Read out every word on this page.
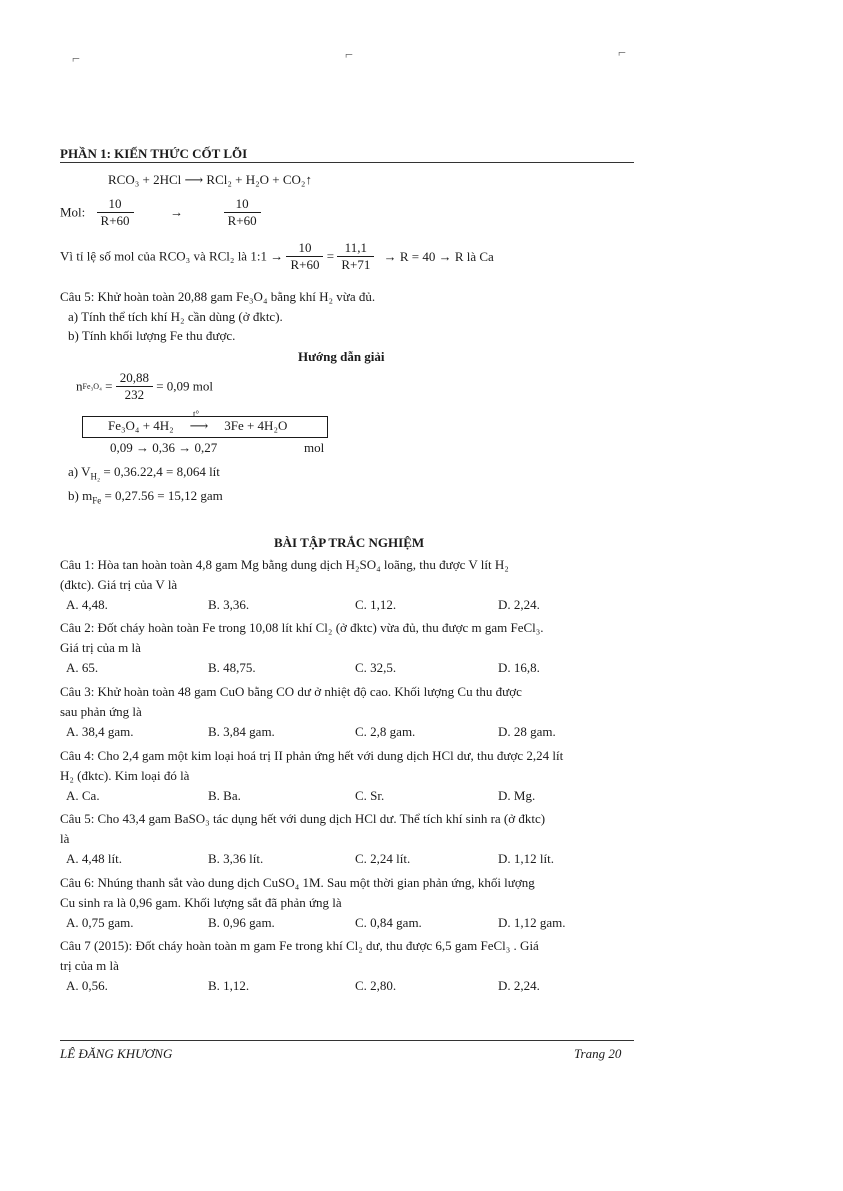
⌐	⌐	⌐
PHẦN 1: KIẾN THỨC CỐT LÕI
RCO₃ + 2HCl ⟶ RCl₂ + H₂O + CO₂↑
Mol: $\frac{10}{R+60}$	→	$\frac{10}{R+60}$
Vì tỉ lệ số mol của RCO₃ và RCl₂ là 1:1 → $\frac{10}{R+60} = \frac{11,1}{R+71} \to R = 40 \to R$ là Ca
Câu 5: Khử hoàn toàn 20,88 gam Fe₃O₄ bằng khí H₂ vừa đủ.
a) Tính thể tích khí H₂ cần dùng (ở đktc).
b) Tính khối lượng Fe thu được.
Hướng dẫn giải
$nFe_3O_4 = \frac{20,88}{232} = 0,09$ mol
Fe₃O₄ + 4H₂
t°
⟶ 3Fe + 4H₂O
0,09 → 0,36 → 0,27	mol
a) $V_{H_2} = 0,36.22,4 = 8,064$ lít
b) $m_{Fe} = 0,27.56 = 15,12$ gam
BÀI TẬP TRẮC NGHIỆM
Câu 1: Hòa tan hoàn toàn 4,8 gam Mg bằng dung dịch H₂SO₄ loãng, thu được V lít H₂
(đktc). Giá trị của V là
A. 4,48.	B. 3,36.	C. 1,12.	D. 2,24.
Câu 2: Đốt cháy hoàn toàn Fe trong 10,08 lít khí Cl₂ (ở đktc) vừa đủ, thu được m gam FeCl₃.
Giá trị của m là
A. 65.	B. 48,75.	C. 32,5.	D. 16,8.
Câu 3: Khử hoàn toàn 48 gam CuO bằng CO dư ở nhiệt độ cao. Khối lượng Cu thu được
sau phản ứng là
A. 38,4 gam.	B. 3,84 gam.	C. 2,8 gam.	D. 28 gam.
Câu 4: Cho 2,4 gam một kim loại hoá trị II phản ứng hết với dung dịch HCl dư, thu được 2,24 lít
H₂ (đktc). Kim loại đó là
A. Ca.	B. Ba.	C. Sr.	D. Mg.
Câu 5: Cho 43,4 gam BaSO₃ tác dụng hết với dung dịch HCl dư. Thể tích khí sinh ra (ở đktc)
là
A. 4,48 lít.	B. 3,36 lít.	C. 2,24 lít.	D. 1,12 lít.
Câu 6: Nhúng thanh sắt vào dung dịch CuSO₄ 1M. Sau một thời gian phản ứng, khối lượng
Cu sinh ra là 0,96 gam. Khối lượng sắt đã phản ứng là
A. 0,75 gam.	B. 0,96 gam.	C. 0,84 gam.	D. 1,12 gam.
Câu 7 (2015): Đốt cháy hoàn toàn m gam Fe trong khí Cl₂ dư, thu được 6,5 gam FeCl₃ . Giá
trị của m là
A. 0,56.	B. 1,12.	C. 2,80.	D. 2,24.
LÊ ĐĂNG KHƯƠNG	Trang 20
